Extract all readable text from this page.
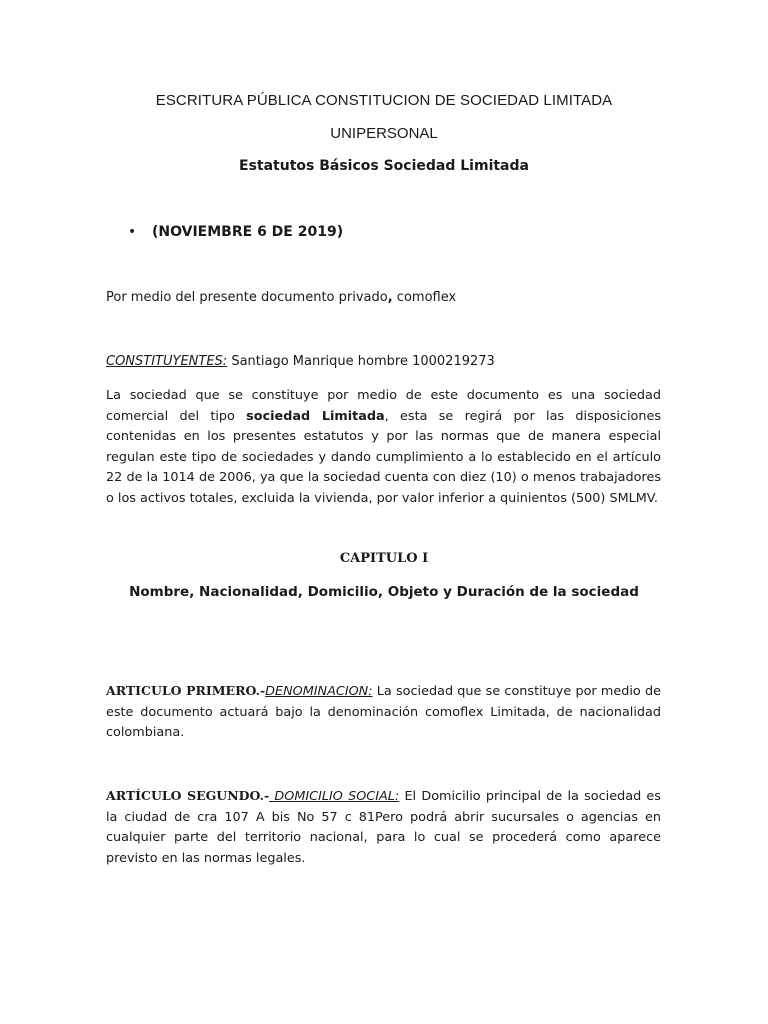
ESCRITURA PÚBLICA CONSTITUCION DE SOCIEDAD LIMITADA
UNIPERSONAL
Estatutos Básicos Sociedad Limitada
• (NOVIEMBRE 6 DE 2019)
Por medio del presente documento privado, comoflex
CONSTITUYENTES: Santiago Manrique hombre 1000219273
La sociedad que se constituye por medio de este documento es una sociedad comercial del tipo sociedad Limitada, esta se regirá por las disposiciones contenidas en los presentes estatutos y por las normas que de manera especial regulan este tipo de sociedades y dando cumplimiento a lo establecido en el artículo 22 de la 1014 de 2006, ya que la sociedad cuenta con diez (10) o menos trabajadores o los activos totales, excluida la vivienda, por valor inferior a quinientos (500) SMLMV.
CAPITULO I
Nombre, Nacionalidad, Domicilio, Objeto y Duración de la sociedad
ARTICULO PRIMERO.-DENOMINACION: La sociedad que se constituye por medio de este documento actuará bajo la denominación comoflex Limitada, de nacionalidad colombiana.
ARTÍCULO SEGUNDO.- DOMICILIO SOCIAL: El Domicilio principal de la sociedad es la ciudad de cra 107 A bis No 57 c 81Pero podrá abrir sucursales o agencias en cualquier parte del territorio nacional, para lo cual se procederá como aparece previsto en las normas legales.
